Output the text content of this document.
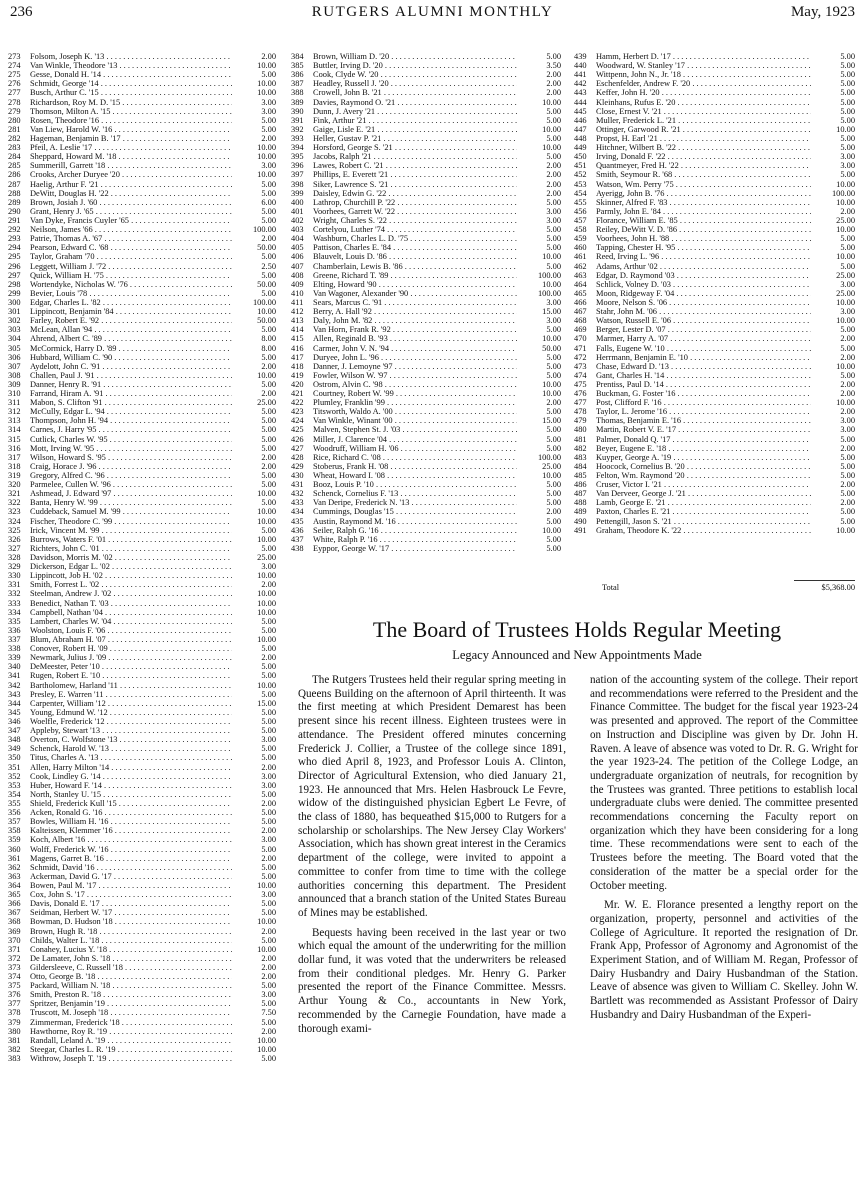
236	RUTGERS ALUMNI MONTHLY	May, 1923
273	Folsom, Joseph K. '13 . . .	2.00
274	Van Winkle, Theodore '13 . . .	10.00
275	Gesse, Donald H. '14 . . .	5.00
276	Schmidt, George '14 . . .	10.00
277	Busch, Arthur C. '15 . . .	10.00
278	Richardson, Roy M. D. '15 . . .	3.00
279	Thomson, Milton A. '15 . . .	3.00
280	Rosen, Theodore '16 . . .	5.00
281	Van Liew, Harold W. '16 . . .	5.00
282	Hageman, Benjamin B. '17 . . .	2.00
283	Pfeil, A. Leslie '17 . . .	10.00
284	Sheppard, Howard M. '18 . . .	10.00
285	Summerill, Garrett '18 . . .	3.00
286	Crooks, Archer Duryee '20 . . .	10.00
287	Haelig, Arthur F. '21 . . .	5.00
288	DeWitt, Douglas H. '22 . . .	5.00
289	Brown, Josiah J. '60 . . .	6.00
290	Grant, Henry J. '65 . . .	5.00
291	Van Dyke, Francis Cuyler '65 . . .	5.00
292	Neilson, James '66 . . .	100.00
293	Patrie, Thomas A. '67 . . .	2.00
294	Pearson, Edward C. '68 . . .	50.00
295	Taylor, Graham '70 . . .	5.00
296	Leggett, William J. '72 . . .	2.50
297	Quick, William H. '75 . . .	5.00
298	Wortendyke, Nicholas W. '76 . . .	50.00
299	Bevier, Louis '78 . . .	5.00
300	Edgar, Charles L. '82 . . .	100.00
301	Lippincott, Benjamin '84 . . .	10.00
302	Farley, Robert E. '92 . . .	50.00
303	McLean, Allan '94 . . .	5.00
304	Ahrend, Albert C. '89 . . .	8.00
305	McCormick, Harry D. '89 . . .	8.00
306	Hubbard, William C. '90 . . .	5.00
307	Aydelott, John C. '91 . . .	2.00
308	Challen, Paul J. '91 . . .	10.00
309	Danner, Henry R. '91 . . .	5.00
310	Farrand, Hiram A. '91 . . .	2.00
311	Mabon, S. Clifton '91 . . .	25.00
312	McCully, Edgar L. '94 . . .	5.00
313	Thompson, John H. '94 . . .	5.00
314	Carnes, J. Harry '95 . . .	5.00
315	Cutlick, Charles W. '95 . . .	5.00
316	Mott, Irving W. '95 . . .	5.00
317	Wilson, Howard S. '95 . . .	2.00
318	Craig, Horace J. '96 . . .	2.00
319	Gregory, Alfred C. '96 . . .	5.00
320	Parmelee, Cullen W. '96 . . .	5.00
321	Ashmead, J. Edward '97 . . .	10.00
322	Banta, Henry W. '99 . . .	5.00
323	Cuddeback, Samuel M. '99 . . .	10.00
324	Fischer, Theodore C. '99 . . .	10.00
325	Irick, Vincent M. '99 . . .	5.00
326	Burrows, Waters F. '01 . . .	10.00
327	Richters, John C. '01 . . .	5.00
328	Davidson, Morris M. '02 . . .	25.00
329	Dickerson, Edgar L. '02 . . .	3.00
330	Lippincott, Job H. '02 . . .	10.00
331	Smith, Forrest L. '02 . . .	2.00
332	Steelman, Andrew J. '02 . . .	10.00
333	Benedict, Nathan T. '03 . . .	10.00
334	Campbell, Nathan '04 . . .	10.00
335	Lambert, Charles W. '04 . . .	5.00
336	Woolston, Louis F. '06 . . .	5.00
337	Blum, Abraham H. '07 . . .	10.00
338	Conover, Robert H. '09 . . .	5.00
339	Newmark, Julius J. '09 . . .	2.00
340	DeMeester, Peter '10 . . .	5.00
341	Rugen, Robert E. '10 . . .	5.00
342	Bartholomew, Harland '11 . . .	10.00
343	Presley, E. Warren '11 . . .	5.00
344	Carpenter, William '12 . . .	15.00
345	Young, Edmund W. '12 . . .	5.00
346	Woelfle, Frederick '12 . . .	5.00
347	Appleby, Stewart '13 . . .	5.00
348	Overton, C. Wolfstone '13 . . .	3.00
349	Schenck, Harold W. '13 . . .	5.00
350	Titus, Charles A. '13 . . .	5.00
351	Allen, Harry Milton '14 . . .	2.00
352	Cook, Lindley G. '14 . . .	3.00
353	Huber, Howard F. '14 . . .	3.00
354	North, Stanley U. '15 . . .	5.00
355	Shield, Frederick Kull '15 . . .	2.00
356	Acken, Ronald G. '16 . . .	5.00
357	Bowles, William H. '16 . . .	5.00
358	Kalteissen, Klemmer '16 . . .	2.00
359	Koch, Albert '16 . . .	3.00
360	Wolff, Frederick W. '16 . . .	5.00
361	Magens, Garret B. '16 . . .	2.00
362	Schmidt, David '16 . . .	5.00
363	Ackerman, David G. '17 . . .	5.00
364	Bowen, Paul M. '17 . . .	10.00
365	Cox, John S. '17 . . .	3.00
366	Davis, Donald E. '17 . . .	5.00
367	Seidman, Herbert W. '17 . . .	5.00
368	Bowman, D. Hudson '18 . . .	10.00
369	Brown, Hugh R. '18 . . .	2.00
370	Childs, Walter L. '18 . . .	5.00
371	Conahey, Lucius Y. '18 . . .	10.00
372	De Lamater, John S. '18 . . .	2.00
373	Gildersleeve, C. Russell '18 . . .	2.00
374	Otto, George B. '18 . . .	2.00
375	Packard, William N. '18 . . .	5.00
376	Smith, Preston R. '18 . . .	3.00
377	Spritzer, Benjamin '19 . . .	5.00
378	Truscott, M. Joseph '18 . . .	7.50
379	Zimmerman, Frederick '18 . . .	5.00
380	Hawthorne, Roy R. '19 . . .	2.00
381	Randall, Leland A. '19 . . .	10.00
382	Steegar, Charles L. R. '19 . . .	10.00
383	Withrow, Joseph T. '19 . . .	5.00
384	Brown, William D. '20 . . .	5.00
385	Buttler, Irving D. '20 . . .	3.50
386	Cook, Clyde W. '20 . . .	2.00
387	Headley, Russell J. '20 . . .	2.00
388	Crowell, John B. '21 . . .	2.00
389	Davies, Raymond O. '21 . . .	10.00
390	Dunn, J. Avery '21 . . .	5.00
391	Fink, Arthur '21 . . .	5.00
392	Gaige, Lisle E. '21 . . .	10.00
393	Heller, Gustav P. '21 . . .	5.00
394	Horsford, George S. '21 . . .	10.00
395	Jacobs, Ralph '21 . . .	5.00
396	Lawes, Robert C. '21 . . .	2.00
397	Phillips, E. Everett '21 . . .	2.00
398	Siker, Lawrence S. '21 . . .	2.00
399	Daisley, Edwin G. '22 . . .	2.00
400	Lathrop, Churchill P. '22 . . .	5.00
401	Voorhees, Garrett W. '22 . . .	3.00
402	Wright, Charles S. '22 . . .	3.00
403	Cortelyou, Luther '74 . . .	5.00
404	Washburn, Charles L. D. '75 . . .	5.00
405	Pattison, Charles E. '84 . . .	5.00
406	Blauvelt, Louis D. '86 . . .	10.00
407	Chamberlain, Lewis B. '86 . . .	5.00
408	Greene, Richard T. '89 . . .	100.00
409	Elting, Howard '90 . . .	10.00
410	Van Wagoner, Alexander '90 . . .	100.00
411	Sears, Marcus C. '91 . . .	3.00
412	Berry, A. Hall '92 . . .	15.00
413	Daly, John M. '82 . . .	3.00
414	Van Horn, Frank R. '92 . . .	5.00
415	Allen, Reginald B. '93 . . .	10.00
416	Carmer, John V. N. '94 . . .	50.00
417	Duryee, John L. '96 . . .	5.00
418	Danner, J. Lemoyne '97 . . .	5.00
419	Fowler, Wilson W. '97 . . .	5.00
420	Ostrom, Alvin C. '98 . . .	10.00
421	Courtney, Robert W. '99 . . .	10.00
422	Plumley, Franklin '99 . . .	2.00
423	Titsworth, Waldo A. '00 . . .	5.00
424	Van Winkle, Winant '00 . . .	15.00
425	Malven, Stephen St. J. '03 . . .	5.00
426	Miller, J. Clarence '04 . . .	5.00
427	Woodruff, William H. '06 . . .	5.00
428	Rice, Richard C. '08 . . .	100.00
429	Stoberus, Frank H. '08 . . .	25.00
430	Wheat, Howard I. '08 . . .	10.00
431	Booz, Louis P. '10 . . .	5.00
432	Schenck, Cornelius F. '13 . . .	5.00
433	Van Deripe, Frederick N. '13 . . .	5.00
434	Cummings, Douglas '15 . . .	2.00
435	Austin, Raymond M. '16 . . .	5.00
436	Seiler, Ralph G. '16 . . .	10.00
437	White, Ralph P. '16 . . .	5.00
438	Eyppor, George W. '17 . . .	5.00
439	Hamm, Herbert D. '17 . . .	5.00
440	Woodward, W. Stanley '17 . . .	5.00
441	Wittpenn, John N., Jr. '18 . . .	5.00
442	Eschenfelder, Andrew F. '20 . . .	5.00
443	Keffer, John H. '20 . . .	5.00
444	Kleinhans, Rufus E. '20 . . .	5.00
445	Close, Ernest V. '21 . . .	5.00
446	Muller, Frederick L. '21 . . .	5.00
447	Ottinger, Garwood R. '21 . . .	10.00
448	Propst, H. Earl '21 . . .	5.00
449	Hitchner, Wilbert B. '22 . . .	5.00
450	Irving, Donald F. '22 . . .	3.00
451	Quantmeyer, Fred H. '22 . . .	3.00
452	Smith, Seymour R. '68 . . .	5.00
453	Watson, Wm. Perry '75 . . .	10.00
454	Ayerigg, John B. '76 . . .	100.00
455	Skinner, Alfred F. '83 . . .	10.00
456	Parmly, John E. '84 . . .	2.00
457	Florance, William E. '85 . . .	25.00
458	Reiley, DeWitt V. D. '86 . . .	10.00
459	Voorhees, John H. '88 . . .	5.00
460	Tapping, Chester H. '95 . . .	5.00
461	Reed, Irving L. '96 . . .	10.00
462	Adams, Arthur '02 . . .	5.00
463	Edgar, D. Raymond '03 . . .	25.00
464	Schlick, Volney D. '03 . . .	3.00
465	Moon, Ridgeway F. '04 . . .	25.00
466	Moore, Nelson S. '06 . . .	10.00
467	Stahr, John M. '06 . . .	3.00
468	Watson, Russell E. '06 . . .	10.00
469	Berger, Lester D. '07 . . .	5.00
470	Marmer, Harry A. '07 . . .	2.00
471	Falls, Eugene W. '10 . . .	5.00
472	Herrmann, Benjamin E. '10 . . .	2.00
473	Chase, Edward D. '13 . . .	10.00
474	Gant, Charles H. '14 . . .	5.00
475	Prentiss, Paul D. '14 . . .	2.00
476	Buckman, G. Foster '16 . . .	2.00
477	Post, Clifford F. '16 . . .	10.00
478	Taylor, L. Jerome '16 . . .	2.00
479	Thomas, Benjamin E. '16 . . .	3.00
480	Martin, Robert V. E. '17 . . .	3.00
481	Palmer, Donald Q. '17 . . .	5.00
482	Beyer, Eugene E. '18 . . .	2.00
483	Kuyper, George A. '19 . . .	5.00
484	Hoocock, Cornelius B. '20 . . .	5.00
485	Felton, Wm. Raymond '20 . . .	5.00
486	Cruser, Victor I. '21 . . .	2.00
487	Van Derveer, George J. '21 . . .	5.00
488	Lamb, George E. '21 . . .	2.00
489	Paxton, Charles E. '21 . . .	5.00
490	Pettengill, Jason S. '21 . . .	5.00
491	Graham, Theodore K. '22 . . .	10.00
Total	$5,368.00
The Board of Trustees Holds Regular Meeting
Legacy Announced and New Appointments Made

The Rutgers Trustees held their regular spring meeting in Queens Building on the afternoon of April thirteenth. It was the first meeting at which President Demarest has been present since his recent illness. Eighteen trustees were in attendance. The President offered minutes concerning Frederick J. Collier, a Trustee of the college since 1891, who died April 8, 1923, and Professor Louis A. Clinton, Director of Agricultural Extension, who died January 21, 1923. He announced that Mrs. Helen Hasbrouck Le Fevre, widow of the distinguished physician Egbert Le Fevre, of the class of 1880, has bequeathed $15,000 to Rutgers for a scholarship or scholarships. The New Jersey Clay Workers' Association, which has shown great interest in the Ceramics department of the college, were invited to appoint a committee to confer from time to time with the college authorities concerning this department. The President announced that a branch station of the United States Bureau of Mines may be established.

Bequests having been received in the last year or two which equal the amount of the underwriting for the million dollar fund, it was voted that the underwriters be released from their conditional pledges. Mr. Henry G. Parker presented the report of the Finance Committee. Messrs. Arthur Young & Co., accountants in New York, recommended by the Carnegie Foundation, have made a thorough exami-

nation of the accounting system of the college. Their report and recommendations were referred to the President and the Finance Committee. The budget for the fiscal year 1923-24 was presented and approved. The report of the Committee on Instruction and Discipline was given by Dr. John H. Raven. A leave of absence was voted to Dr. R. G. Wright for the year 1923-24. The petition of the College Lodge, an undergraduate organization of neutrals, for recognition by the Trustees was granted. Three petitions to establish local undergraduate clubs were denied. The committee presented recommendations concerning the Faculty report on organization which they have been considering for a long time. These recommendations were sent to each of the Trustees before the meeting. The Board voted that the consideration of the matter be a special order for the October meeting.

Mr. W. E. Florance presented a lengthy report on the organization, property, personnel and activities of the College of Agriculture. It reported the resignation of Dr. Frank App, Professor of Agronomy and Agronomist of the Experiment Station, and of William M. Regan, Professor of Dairy Husbandry and Dairy Husbandman of the Station. Leave of absence was given to William C. Skelley. John W. Bartlett was recommended as Assistant Professor of Dairy Husbandry and Dairy Husbandman of the Experi-
